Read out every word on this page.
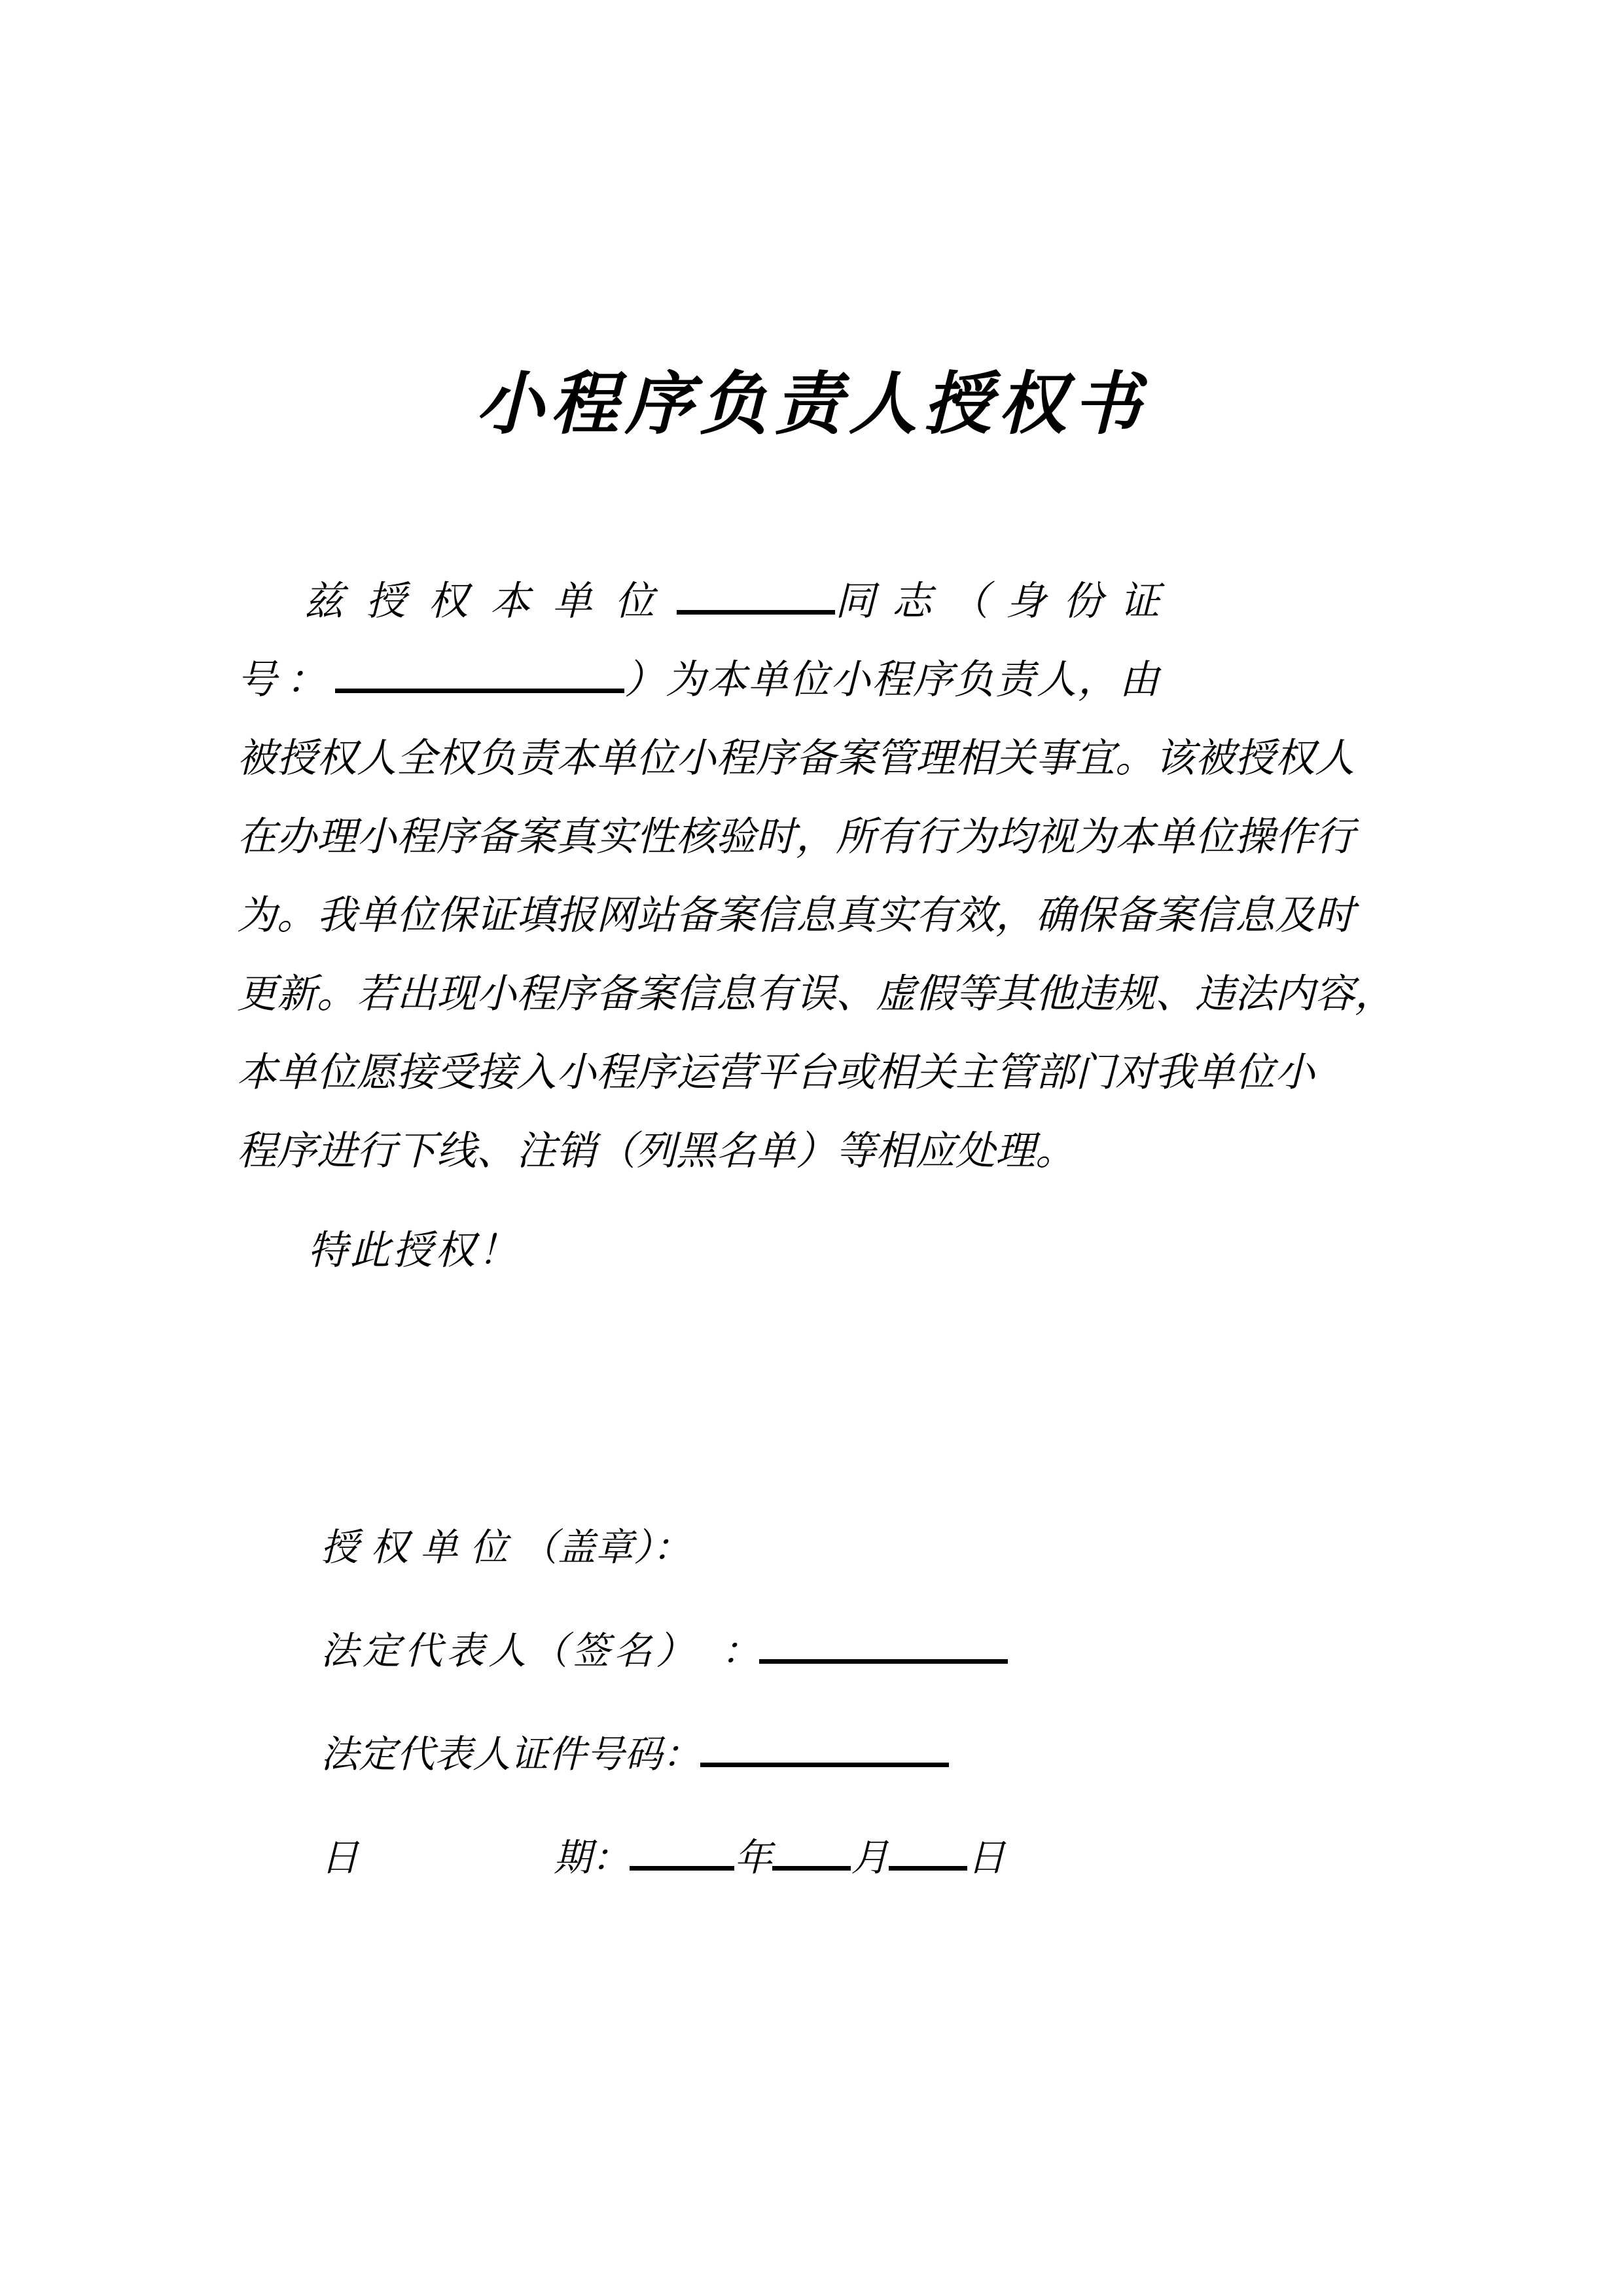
小程序负责人授权书
兹授权本单位	同志（身份证
号：	）为本单位小程序负责人，由
被授权人全权负责本单位小程序备案管理相关事宜。该被授权人
在办理小程序备案真实性核验时，所有行为均视为本单位操作行
为。我单位保证填报网站备案信息真实有效，确保备案信息及时
更新。若出现小程序备案信息有误、虚假等其他违规、违法内容，
本单位愿接受接入小程序运营平台或相关主管部门对我单位小
程序进行下线、注销（列黑名单）等相应处理。
特此授权！
授权单位（盖章）：
法定代表人（签名） ：
法定代表人证件号码：
日	期：	年 月 日
